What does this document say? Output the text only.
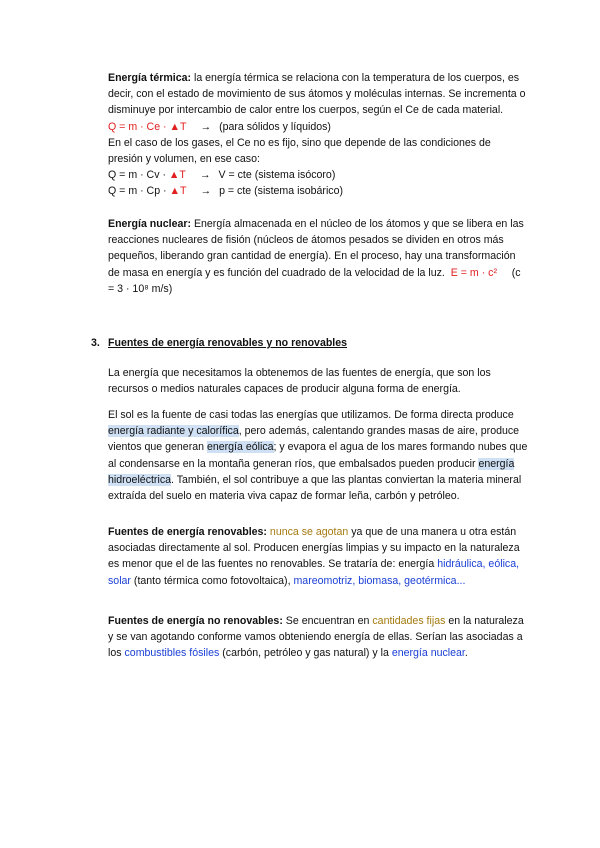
Energía térmica: la energía térmica se relaciona con la temperatura de los cuerpos, es decir, con el estado de movimiento de sus átomos y moléculas internas. Se incrementa o disminuye por intercambio de calor entre los cuerpos, según el Ce de cada material.
Q = m · Ce · ▲T → (para sólidos y líquidos)
En el caso de los gases, el Ce no es fijo, sino que depende de las condiciones de presión y volumen, en ese caso:
Q = m · Cv · ▲T → V = cte (sistema isócoro)
Q = m · Cp · ▲T → p = cte (sistema isobárico)
Energía nuclear: Energía almacenada en el núcleo de los átomos y que se libera en las reacciones nucleares de fisión (núcleos de átomos pesados se dividen en otros más pequeños, liberando gran cantidad de energía). En el proceso, hay una transformación de masa en energía y es función del cuadrado de la velocidad de la luz. E = m · c² (c = 3 · 10⁸ m/s)
3. Fuentes de energía renovables y no renovables
La energía que necesitamos la obtenemos de las fuentes de energía, que son los recursos o medios naturales capaces de producir alguna forma de energía.
El sol es la fuente de casi todas las energías que utilizamos. De forma directa produce energía radiante y calorífica, pero además, calentando grandes masas de aire, produce vientos que generan energía eólica; y evapora el agua de los mares formando nubes que al condensarse en la montaña generan ríos, que embalsados pueden producir energía hidroeléctrica. También, el sol contribuye a que las plantas conviertan la materia mineral extraída del suelo en materia viva capaz de formar leña, carbón y petróleo.
Fuentes de energía renovables: nunca se agotan ya que de una manera u otra están asociadas directamente al sol. Producen energías limpias y su impacto en la naturaleza es menor que el de las fuentes no renovables. Se trataría de: energía hidráulica, eólica, solar (tanto térmica como fotovoltaica), mareomotriz, biomasa, geotérmica...
Fuentes de energía no renovables: Se encuentran en cantidades fijas en la naturaleza y se van agotando conforme vamos obteniendo energía de ellas. Serían las asociadas a los combustibles fósiles (carbón, petróleo y gas natural) y la energía nuclear.
